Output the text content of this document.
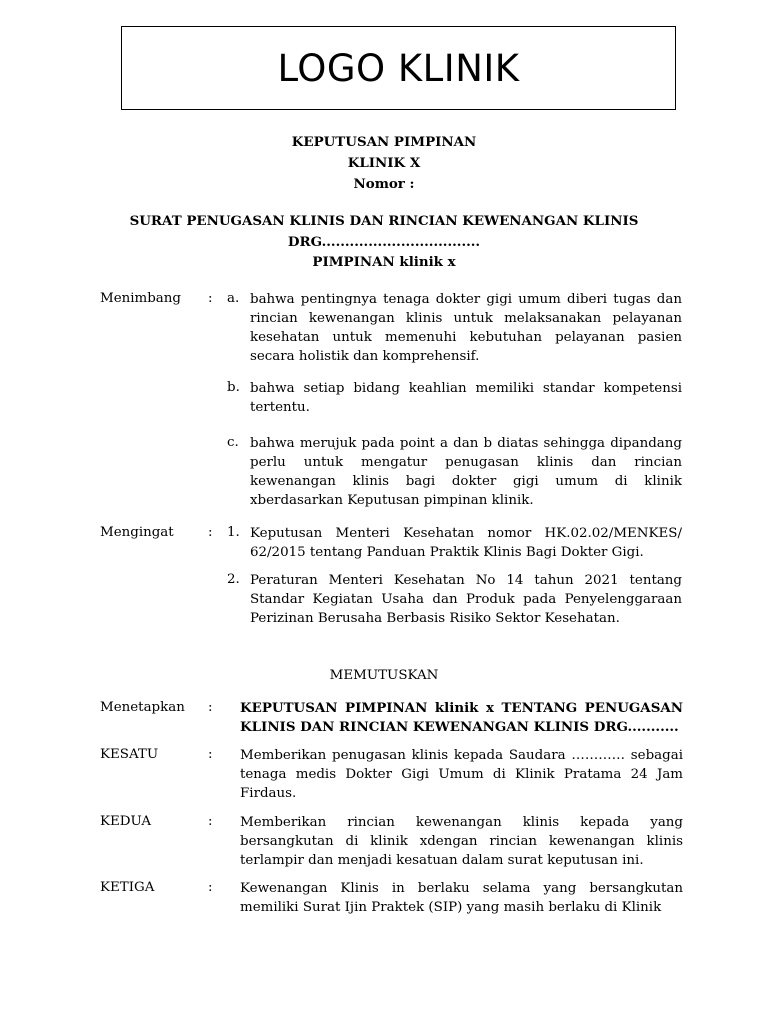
LOGO KLINIK
KEPUTUSAN PIMPINAN
KLINIK X
Nomor :
SURAT PENUGASAN KLINIS DAN RINCIAN KEWENANGAN KLINIS
DRG..................................
PIMPINAN klinik x
Menimbang : a. bahwa pentingnya tenaga dokter gigi umum diberi tugas dan rincian kewenangan klinis untuk melaksanakan pelayanan kesehatan untuk memenuhi kebutuhan pelayanan pasien secara holistik dan komprehensif.
b. bahwa setiap bidang keahlian memiliki standar kompetensi tertentu.
c. bahwa merujuk pada point a dan b diatas sehingga dipandang perlu untuk mengatur penugasan klinis dan rincian kewenangan klinis bagi dokter gigi umum di klinik xberdasarkan Keputusan pimpinan klinik.
Mengingat	: 1. Keputusan Menteri Kesehatan nomor HK.02.02/MENKES/ 62/2015 tentang Panduan Praktik Klinis Bagi Dokter Gigi.
2. Peraturan Menteri Kesehatan No 14 tahun 2021 tentang Standar Kegiatan Usaha dan Produk pada Penyelenggaraan Perizinan Berusaha Berbasis Risiko Sektor Kesehatan.
MEMUTUSKAN
Menetapkan : KEPUTUSAN PIMPINAN klinik x TENTANG PENUGASAN KLINIS DAN RINCIAN KEWENANGAN KLINIS DRG...........
KESATU	: Memberikan penugasan klinis kepada Saudara ………… sebagai tenaga medis Dokter Gigi Umum di Klinik Pratama 24 Jam Firdaus.
KEDUA	: Memberikan rincian kewenangan klinis kepada yang bersangkutan di klinik xdengan rincian kewenangan klinis terlampir dan menjadi kesatuan dalam surat keputusan ini.
KETIGA	: Kewenangan Klinis in berlaku selama yang bersangkutan memiliki Surat Ijin Praktek (SIP) yang masih berlaku di Klinik
